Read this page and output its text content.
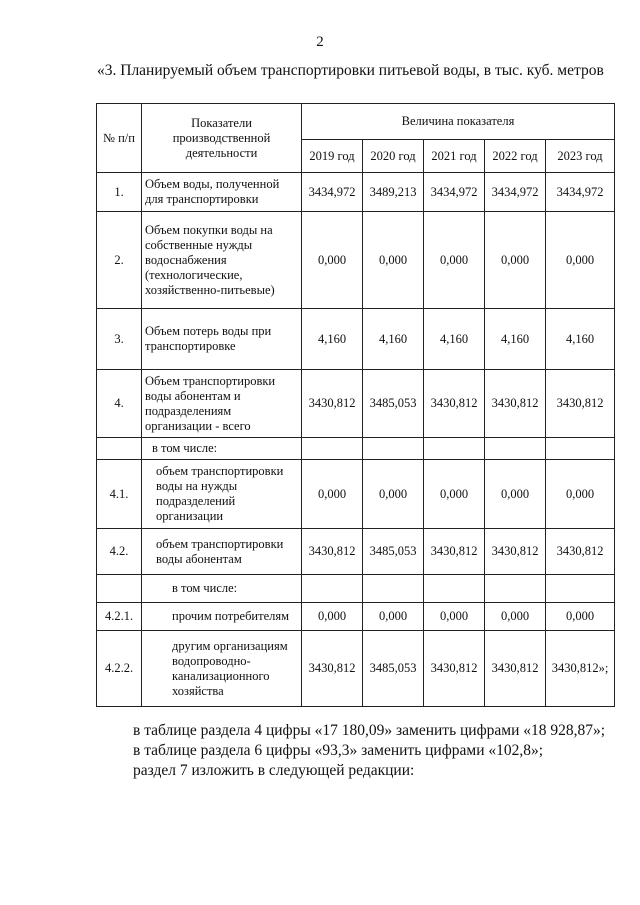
2
«3. Планируемый объем транспортировки питьевой воды, в тыс. куб. метров
№ п/п	Показатели производственной деятельности	Величина показателя				
		2019 год	2020 год	2021 год	2022 год	2023 год
1.	Объем воды, полученной для транспортировки	3434,972	3489,213	3434,972	3434,972	3434,972
2.	Объем покупки воды на собственные нужды водоснабжения (технологические, хозяйственно-питьевые)	0,000	0,000	0,000	0,000	0,000
3.	Объем потерь воды при транспортировке	4,160	4,160	4,160	4,160	4,160
4.	Объем транспортировки воды абонентам и подразделениям организации - всего	3430,812	3485,053	3430,812	3430,812	3430,812
	в том числе:					
4.1.	объем транспортировки воды на нужды подразделений организации	0,000	0,000	0,000	0,000	0,000
4.2.	объем транспортировки воды абонентам	3430,812	3485,053	3430,812	3430,812	3430,812
	в том числе:					
4.2.1.	прочим потребителям	0,000	0,000	0,000	0,000	0,000
4.2.2.	другим организациям водопроводно-канализационного хозяйства	3430,812	3485,053	3430,812	3430,812	3430,812»;
в таблице раздела 4 цифры «17 180,09» заменить цифрами «18 928,87»;
в таблице раздела 6 цифры «93,3» заменить цифрами «102,8»;
раздел 7 изложить в следующей редакции:
